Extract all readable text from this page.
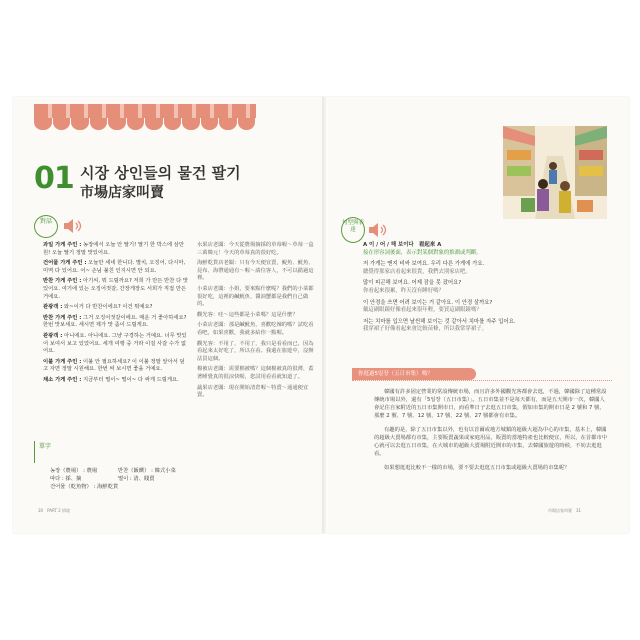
01 시장 상인들의 물건 팔기
市場店家叫賣
對話
과일 가게 주인 : 농장에서 오늘 안 딸기! 딸기 한 박스에 삼만 원! 오늘 딸기 정말 맛있어요.
건어물 가게 주인 : 오늘만 세네 한니다. 멸치, 오징어, 다시마, 미역 다 있어요. 어~ 손님 불친 인지시면 안 되요.
반찬 가게 주인 : 아기씨, 뭐 드릴까요? 저희 가 만든 반찬 다 맛있어요. 여기에 있는 오징어젓갈, 간장게장도 서희가 직접 만든 거에요.
관광객 : 와~이거 다 반찬이에요? 이건 뭐예요?
반찬 가게 주인 : 그거 오징어젓갈이에요. 매운 거 좋아하세요? 한번 맛보세요. 세시면 제가 맛 좀이 드릴게요.
관광객 : 아니에요. 아니에요. 그냥 구경하는 거예요. 너무 맛있어 보여서 보고 있었어요. 세개 여행 중 거라 이걸 사갈 수가 없어요.
이불 가게 주인 : 이불 안 필요하세요? 이 이불 정말 앞아서 덮고 자면 정말 시원해요. 한번 써 보시면 좋을 거예요.
채소 가게 주인 : 지금부터 떨이~ 떨이~ 다 싸게 드릴게요.
水果店老闆：今天從農場摘採的草莓喔～草莓一盒三萬韓元！今天的草莓真的很好吃。
海鮮乾貨店老闆：只有今天便宜賣，鯷魚、魷魚、昆布、海帶通通有～喔～請位客人，不可以錯過這裡。
小菜店老闆：小姐，要來點什麼呢？我們的小菜都很好吃，這裡的鹹魷魚、醬油蟹都是我們自己做的。
觀光客：哇～這些都是小菜嗎？這是什麼？
小菜店老闆：那是鹹魷魚，喜歡吃辣的嗎？試吃看看吧，如果喜歡，我就多給你一點喔。
觀光客：不用了，不用了，我只是看看而已，因為看起來太好吃了，所以在看。我還在旅遊中，沒辦法買這個。
棉被店老闆：需要棉被嗎？這個棉被真的很薄，蓋著睡覺真的很涼快喔，您試用看看就知道了。
蔬果店老闆：現在開始清倉喔～特賣～通通便宜賣。
單字
농장（農場） : 農場	반찬（飯饌） : 韓式小菜
따다 : 採、摘	떨이 : 清、賤賣
건어물（乾魚物） : 海鮮乾貨
30　PART 2 情境
句型與表達
A 이 / 어 / 해 보이다　 看起來 A
接在形容詞後面，表示對某個對象的推測或判斷。
저 가게는 맨지 비싸 보여요. 우리 다른 가게에 가요.
總覺得那家店看起來很貴，我們去別家店吧。
많이 피곤해 보여요. 어제 잠을 못 잤어요?
你看起來很累，昨天沒有睡好嗎？
이 안경을 쓰면 어려 보이는 거 같아요. 이 안경 살까요?
戴這副眼鏡好像看起來很年輕，要買這副眼鏡嗎？
저는 치마를 입으면 날씬해 보이는 것 같아서 치마를 자주 입어요.
我穿裙子好像看起來會比較苗條，所以我常穿裙子。
你逛過5일장（五日市集）嗎？

韓國有許多固定營業的常設傳統市場，而且許多外國觀光客都會去逛，不過，韓國除了這種常設傳統市場以外，還有「5일장（五日市集）」。五日市集並不是每天都有，而是五天開市一次，韓國人會記住自家附近的五日市集開市日，而看準日子去逛五日市集，假如市集的開市日是 2 號和 7 號，那麼 2 號、7 號、12 號、17 號、22 號、27 號都會有市集。

有趣的是，除了五日市集以外，也有以首爾或地方城鎮的超級大超為中心的市集，基本上，韓國的超級大賣場都有市集，主要販賣蔬果或家庭用品，販賣的當地特產也比較便宜，所以，在首都市中心就可以去逛五日市集，在大城市的超級大賣場附近開市的市集，去韓國旅遊的時候，不妨去逛逛看。

如果想逛逛比較不一樣的市場，要不要去逛逛五日市集或超級大賣場的市集呢？

市場店家叫賣　31
